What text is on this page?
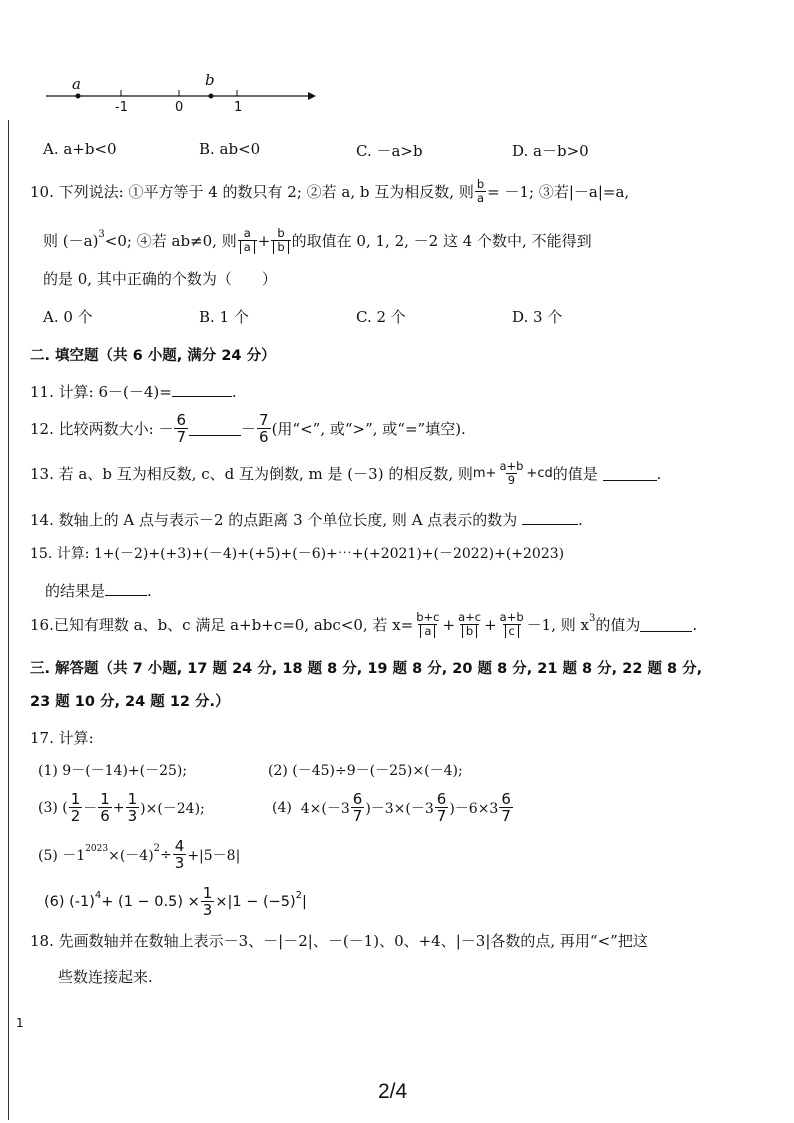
a	b
-1	0	1
A. a+b<0	B. ab<0	C. －a>b	D. a－b>0
10. 下列说法: ①平方等于 4 的数只有 2; ②若 a, b 互为相反数, 则 $\frac{b}{a} = -1$; ③若|－a|=a,
则 $(-a)^3 <0$; ④若 ab≠0, 则 $\frac{a}{a} + \frac{b}{b}$ 的取值在 0, 1, 2, －2 这 4 个数中, 不能得到
的是 0, 其中正确的个数为（　　）
A. 0 个	B. 1 个	C. 2 个	D. 3 个
二. 填空题（共 6 小题, 满分 24 分）
11. 计算: 6－(－4)=	.
12. 比较两数大小: － $\frac{6}{7}$	－ $\frac{7}{6}$ (用“<”, 或“>”, 或“=”填空).
13. 若 a、b 互为相反数, c、d 互为倒数, m 是 (－3) 的相反数, 则 $m+ \frac{a+b}{9} +cd$ 的值是
	.
14. 数轴上的 A 点与表示－2 的点距离 3 个单位长度, 则 A 点表示的数为	.
15. 计算: 1+(－2)+(+3)+(－4)+(+5)+(－6)+⋯+(+2021)+(－2022)+(+2023)
的结果是	.
16.已知有理数 a、b、c 满足 a+b+c=0, abc<0, 若 $x= \frac{b+c}{a} + \frac{a+c}{b} + \frac{a+b}{c} -1$, 则 $x^3$ 的值为	.
三. 解答题（共 7 小题, 17 题 24 分, 18 题 8 分, 19 题 8 分, 20 题 8 分, 21 题 8 分, 22 题 8 分,
23 题 10 分, 24 题 12 分.）
17. 计算:
(1) 9－(－14)+(－25);	(2) (－45)÷9－(－25)×(－4);
(3) ( $\frac{1}{2} - \frac{1}{6} + \frac{1}{3} )\times(-24)$;	(4)
$4\times(-3 \frac{6}{7} )-3\times(-3 \frac{6}{7} )-6\times 3 \frac{6}{7}$
$(5) -1^{2023} \times(-4)^2 \div \frac{4}{3} +|5-8|$
(6) $(-1)^4 + (1 - 0.5) \times \frac{1}{3} \times|1 - (-5)^2$ |
18. 先画数轴并在数轴上表示－3、－|－2|、－(－1)、0、+4、|－3|各数的点, 再用“<”把这
些数连接起来.
1
2/4
